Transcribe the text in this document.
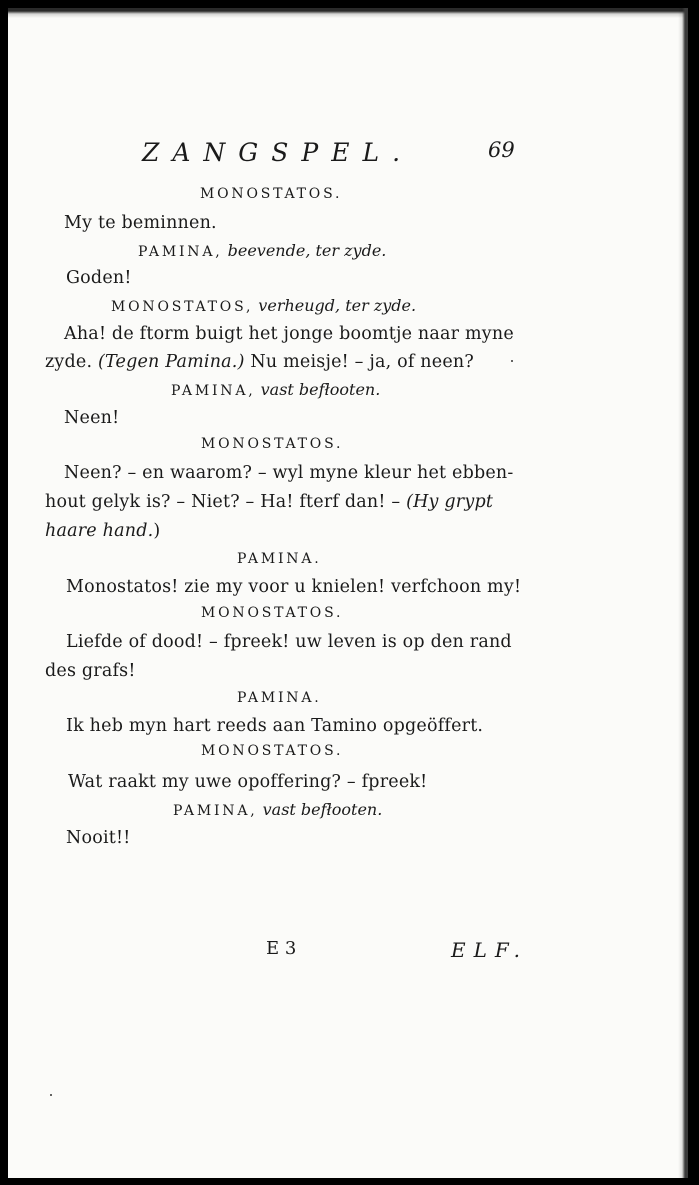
ZANGSPEL.	69
MONOSTATOS.
My te beminnen.
PAMINA, beevende, ter zyde.
Goden!
MONOSTATOS, verheugd, ter zyde.
Aha! de ftorm buigt het jonge boomtje naar myne
zyde. (Tegen Pamina.) Nu meisje! – ja, of neen?
PAMINA, vast befłooten.
Neen!
MONOSTATOS.
Neen? – en waarom? – wyl myne kleur het ebben-
hout gelyk is? – Niet? – Ha! fterf dan! – (Hy grypt
haare hand.)
PAMINA.
Monostatos! zie my voor u knielen! verfchoon my!
MONOSTATOS.
Liefde of dood! – fpreek! uw leven is op den rand
des grafs!
PAMINA.
Ik heb myn hart reeds aan Tamino opgeöffert.
MONOSTATOS.
Wat raakt my uwe opoffering? – fpreek!
PAMINA, vast befłooten.
Nooit!!
E 3	ELF.
